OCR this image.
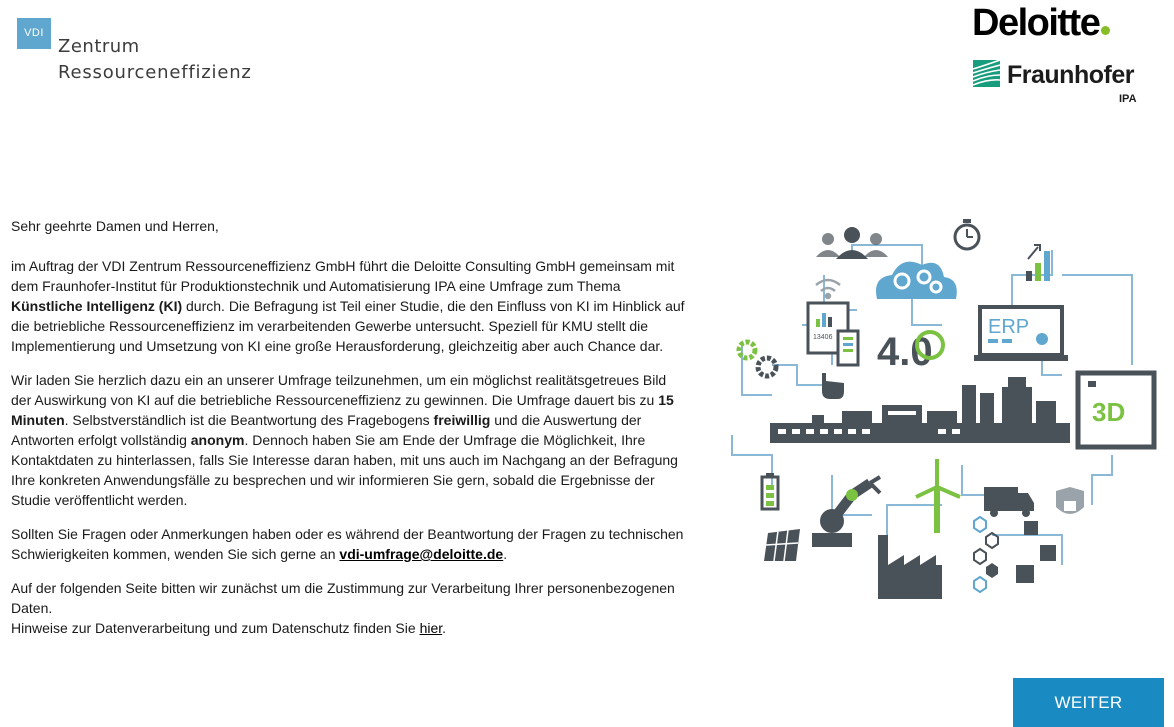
VDI
Zentrum
Ressourceneffizienz
Deloitte
Fraunhofer
IPA

Sehr geehrte Damen und Herren,

im Auftrag der VDI Zentrum Ressourceneffizienz GmbH führt die Deloitte Consulting GmbH gemeinsam mit dem Fraunhofer-Institut für Produktionstechnik und Automatisierung IPA eine Umfrage zum Thema Künstliche Intelligenz (KI) durch. Die Befragung ist Teil einer Studie, die den Einfluss von KI im Hinblick auf die betriebliche Ressourceneffizienz im verarbeitenden Gewerbe untersucht. Speziell für KMU stellt die Implementierung und Umsetzung von KI eine große Herausforderung, gleichzeitig aber auch Chance dar.

Wir laden Sie herzlich dazu ein an unserer Umfrage teilzunehmen, um ein möglichst realitätsgetreues Bild der Auswirkung von KI auf die betriebliche Ressourceneffizienz zu gewinnen. Die Umfrage dauert bis zu 15 Minuten. Selbstverständlich ist die Beantwortung des Fragebogens freiwillig und die Auswertung der Antworten erfolgt vollständig anonym. Dennoch haben Sie am Ende der Umfrage die Möglichkeit, Ihre Kontaktdaten zu hinterlassen, falls Sie Interesse daran haben, mit uns auch im Nachgang an der Befragung Ihre konkreten Anwendungsfälle zu besprechen und wir informieren Sie gern, sobald die Ergebnisse der Studie veröffentlicht werden.

Sollten Sie Fragen oder Anmerkungen haben oder es während der Beantwortung der Fragen zu technischen Schwierigkeiten kommen, wenden Sie sich gerne an vdi-umfrage@deloitte.de.

Auf der folgenden Seite bitten wir zunächst um die Zustimmung zur Verarbeitung Ihrer personenbezogenen Daten.
Hinweise zur Datenverarbeitung und zum Datenschutz finden Sie hier.

13406 4.0
ERP
3D
WEITER
